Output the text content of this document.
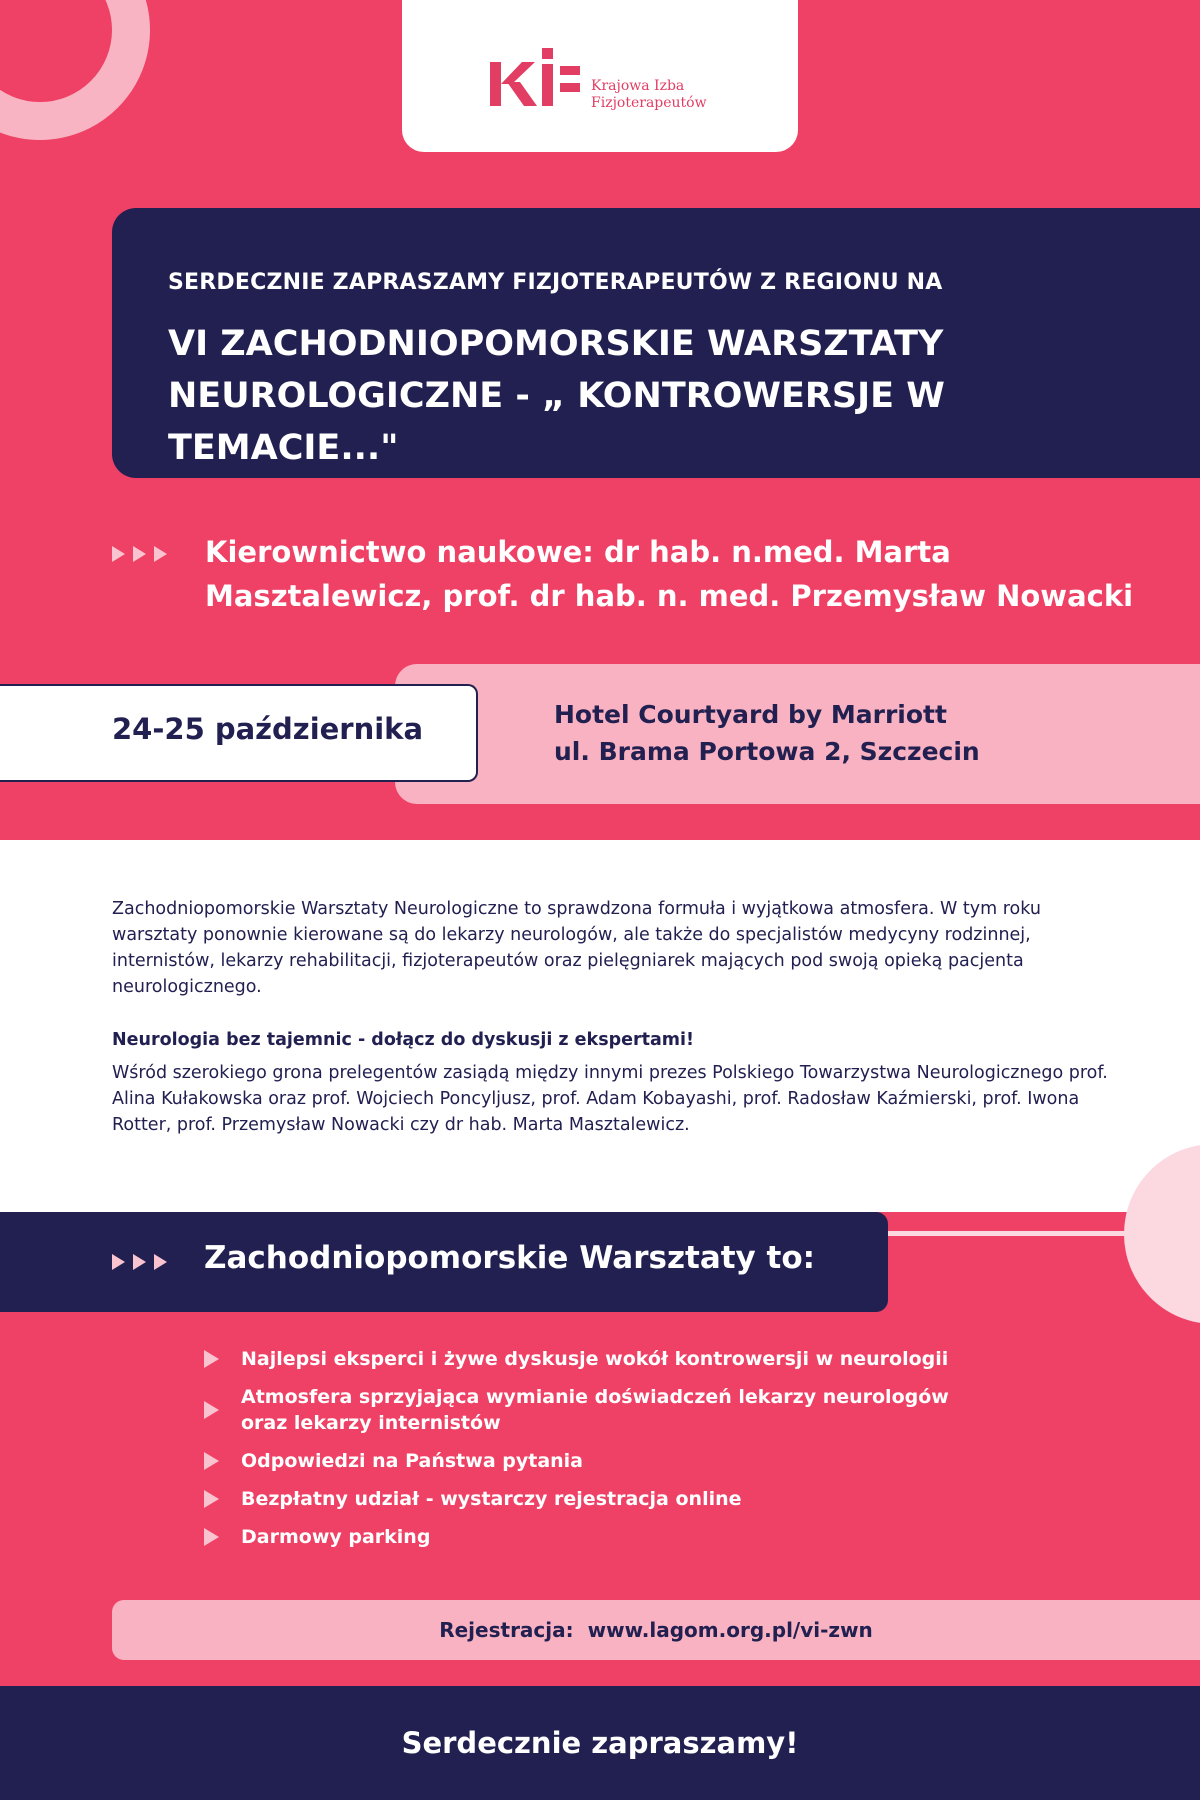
Krajowa Izba
Fizjoterapeutów
SERDECZNIE ZAPRASZAMY FIZJOTERAPEUTÓW Z REGIONU NA
VI ZACHODNIOPOMORSKIE WARSZTATY NEUROLOGICZNE - „ KONTROWERSJE W TEMACIE..."
Kierownictwo naukowe: dr hab. n.med. Marta Masztalewicz, prof. dr hab. n. med. Przemysław Nowacki
24-25 października	Hotel Courtyard by Marriott
ul. Brama Portowa 2, Szczecin

Zachodniopomorskie Warsztaty Neurologiczne to sprawdzona formuła i wyjątkowa atmosfera. W tym roku warsztaty ponownie kierowane są do lekarzy neurologów, ale także do specjalistów medycyny rodzinnej, internistów, lekarzy rehabilitacji, fizjoterapeutów oraz pielęgniarek mających pod swoją opieką pacjenta neurologicznego.

Neurologia bez tajemnic - dołącz do dyskusji z ekspertami!

Wśród szerokiego grona prelegentów zasiądą między innymi prezes Polskiego Towarzystwa Neurologicznego prof. Alina Kułakowska oraz prof. Wojciech Poncyljusz, prof. Adam Kobayashi, prof. Radosław Kaźmierski, prof. Iwona Rotter, prof. Przemysław Nowacki czy dr hab. Marta Masztalewicz.

Zachodniopomorskie Warsztaty to:
Najlepsi eksperci i żywe dyskusje wokół kontrowersji w neurologii
Atmosfera sprzyjająca wymianie doświadczeń lekarzy neurologów oraz lekarzy internistów
Odpowiedzi na Państwa pytania
Bezpłatny udział - wystarczy rejestracja online
Darmowy parking
Rejestracja: www.lagom.org.pl/vi-zwn
Serdecznie zapraszamy!
